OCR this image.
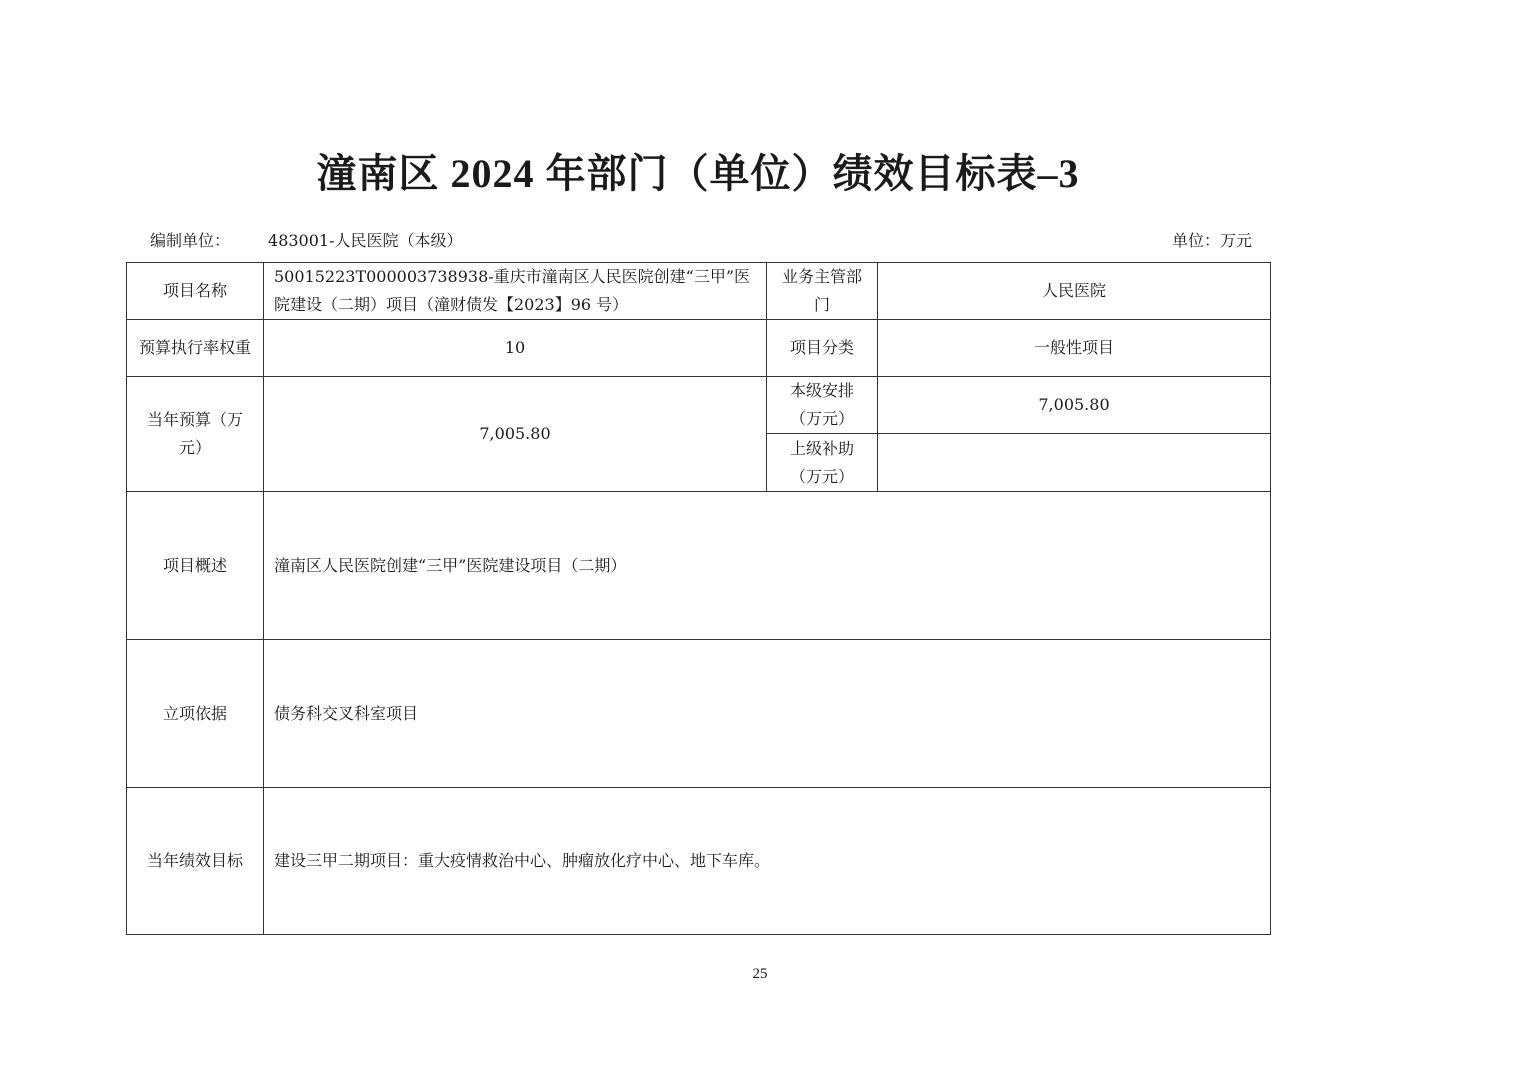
潼南区 2024 年部门（单位）绩效目标表–3
编制单位： 483001-人民医院（本级）	单位：万元
项目名称	50015223T000003738938-重庆市潼南区人民医院创建“三甲”医院建设（二期）项目（潼财债发【2023】96 号）	业务主管部门	人民医院
预算执行率权重	10	项目分类	一般性项目
当年预算（万元）	7,005.80	本级安排（万元）	7,005.80
		上级补助（万元）	
项目概述	潼南区人民医院创建“三甲”医院建设项目（二期）		
立项依据	债务科交叉科室项目		
当年绩效目标	建设三甲二期项目：重大疫情救治中心、肿瘤放化疗中心、地下车库。		
25
